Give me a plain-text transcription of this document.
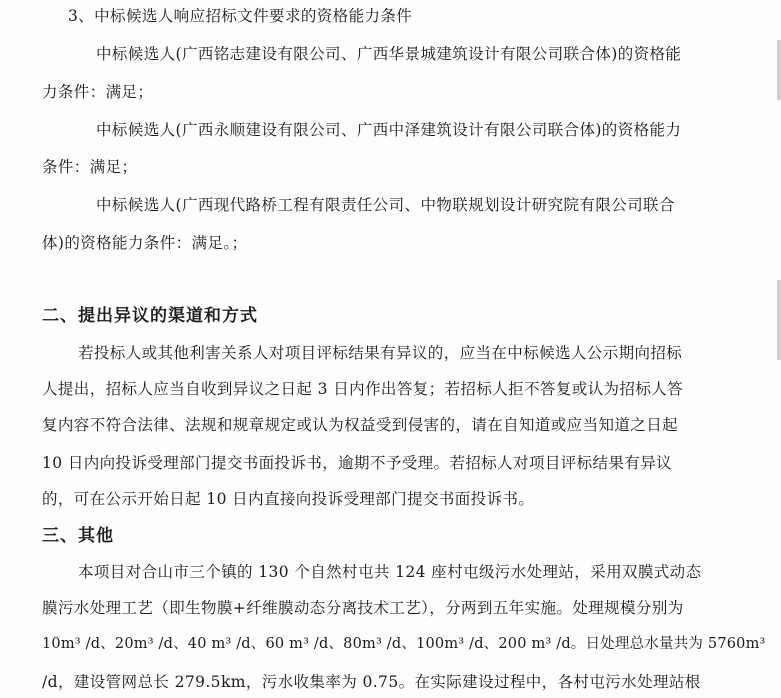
3、中标候选人响应招标文件要求的资格能力条件
中标候选人(广西铭志建设有限公司、广西华景城建筑设计有限公司联合体)的资格能
力条件：满足；
中标候选人(广西永顺建设有限公司、广西中泽建筑设计有限公司联合体)的资格能力
条件：满足；
中标候选人(广西现代路桥工程有限责任公司、中物联规划设计研究院有限公司联合
体)的资格能力条件：满足。；
二、提出异议的渠道和方式
若投标人或其他利害关系人对项目评标结果有异议的，应当在中标候选人公示期向招标
人提出，招标人应当自收到异议之日起 3 日内作出答复；若招标人拒不答复或认为招标人答
复内容不符合法律、法规和规章规定或认为权益受到侵害的，请在自知道或应当知道之日起
10 日内向投诉受理部门提交书面投诉书，逾期不予受理。若招标人对项目评标结果有异议
的，可在公示开始日起 10 日内直接向投诉受理部门提交书面投诉书。
三、其他
本项目对合山市三个镇的 130 个自然村屯共 124 座村屯级污水处理站，采用双膜式动态
膜污水处理工艺（即生物膜+纤维膜动态分离技术工艺），分两到五年实施。处理规模分别为
10m³ /d、20m³ /d、40 m³ /d、60 m³ /d、80m³ /d、100m³ /d、200 m³ /d。日处理总水量共为 5760m³
/d，建设管网总长 279.5km，污水收集率为 0.75。在实际建设过程中，各村屯污水处理站根
